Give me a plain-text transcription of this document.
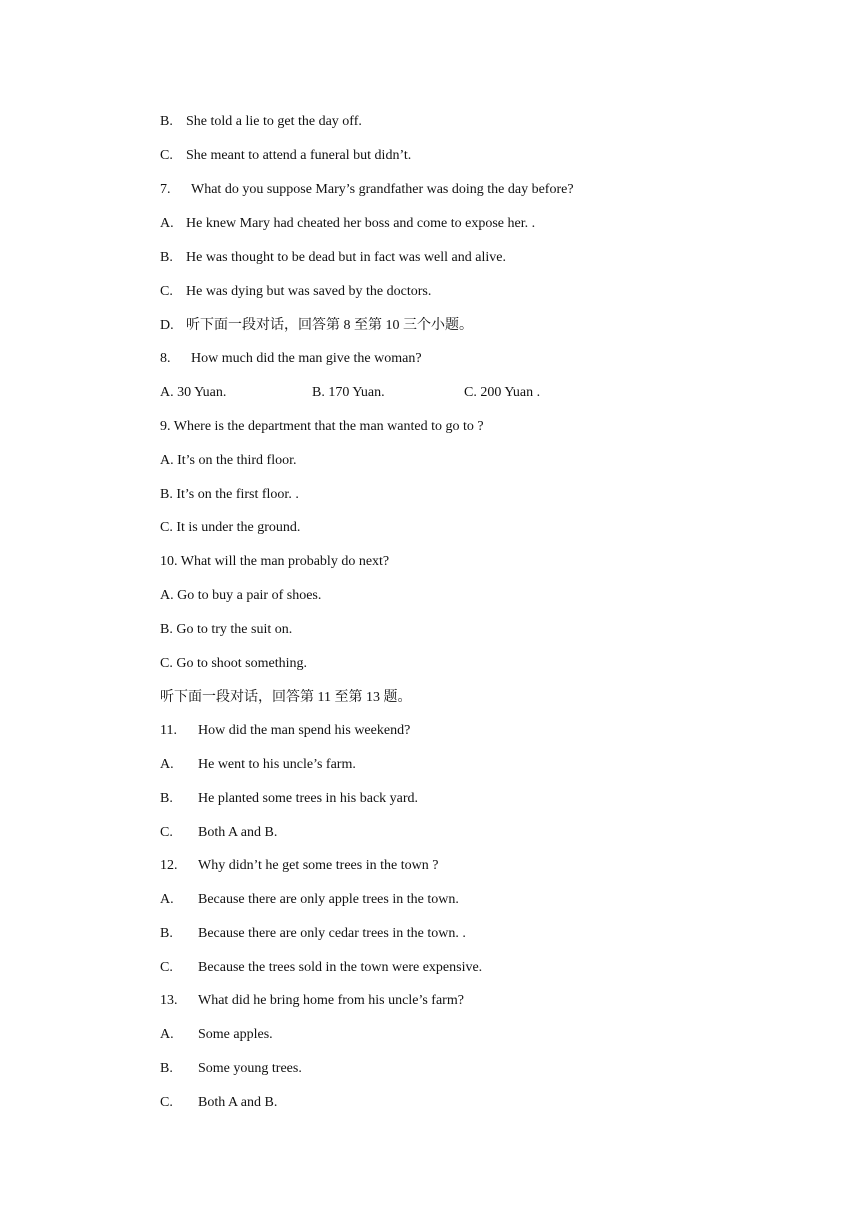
B. She told a lie to get the day off.
C. She meant to attend a funeral but didn’t.
7. What do you suppose Mary’s grandfather was doing the day before?
A. He knew Mary had cheated her boss and come to expose her. .
B. He was thought to be dead but in fact was well and alive.
C. He was dying but was saved by the doctors.
D. 听下面一段对话，回答第 8 至第 10 三个小题。
8. How much did the man give the woman?
A. 30 Yuan.	B. 170 Yuan.	C. 200 Yuan .
9. Where is the department that the man wanted to go to ?
A. It’s on the third floor.
B. It’s on the first floor. .
C. It is under the ground.
10. What will the man probably do next?
A. Go to buy a pair of shoes.
B. Go to try the suit on.
C. Go to shoot something.
听下面一段对话，回答第 11 至第 13 题。
11. How did the man spend his weekend?
A. He went to his uncle’s farm.
B. He planted some trees in his back yard.
C. Both A and B.
12. Why didn’t he get some trees in the town ?
A. Because there are only apple trees in the town.
B. Because there are only cedar trees in the town. .
C. Because the trees sold in the town were expensive.
13. What did he bring home from his uncle’s farm?
A. Some apples.
B. Some young trees.
C. Both A and B.
